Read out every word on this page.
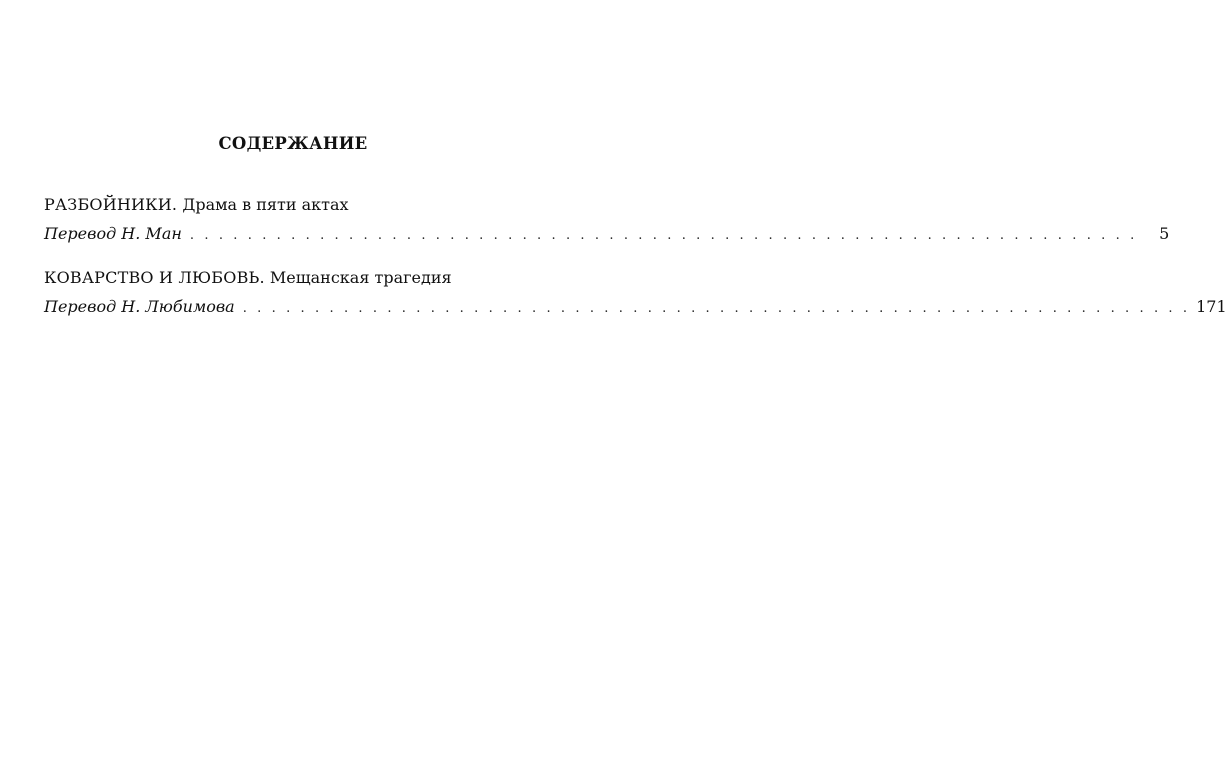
СОДЕРЖАНИЕ
РАЗБОЙНИКИ. Драма в пяти актах
Перевод Н. Ман . . . . . . . . . . . . . . . . . . . . . . . . . . . . . . . . . . . . . . . . . . . . . . . . . . . . . . . . . . . . . . . . . .	5
КОВАРСТВО И ЛЮБОВЬ. Мещанская трагедия
Перевод Н. Любимова . . . . . . . . . . . . . . . . . . . . . . . . . . . . . . . . . . . . . . . . . . . . . . . . . . . . . . . . . . . . . . . . . . 171
